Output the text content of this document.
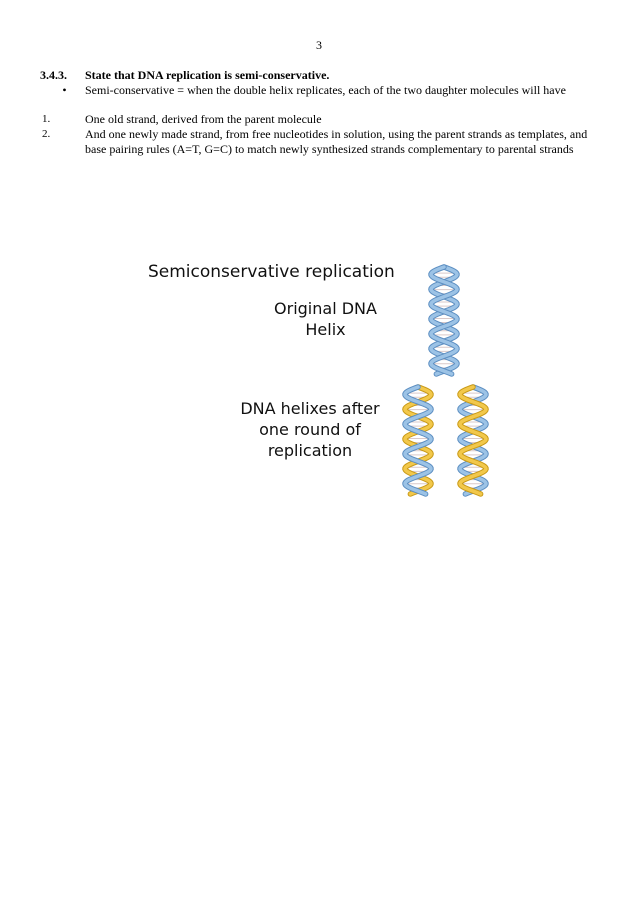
3
3.4.3.	State that DNA replication is semi-conservative.
•	Semi-conservative = when the double helix replicates, each of the two daughter molecules will have
1.	One old strand, derived from the parent molecule
2.	And one newly made strand, from free nucleotides in solution, using the parent strands as templates, and base pairing rules (A=T, G=C) to match newly synthesized strands complementary to parental strands
Semiconservative replication
Original DNA Helix
DNA helixes after one round of replication
